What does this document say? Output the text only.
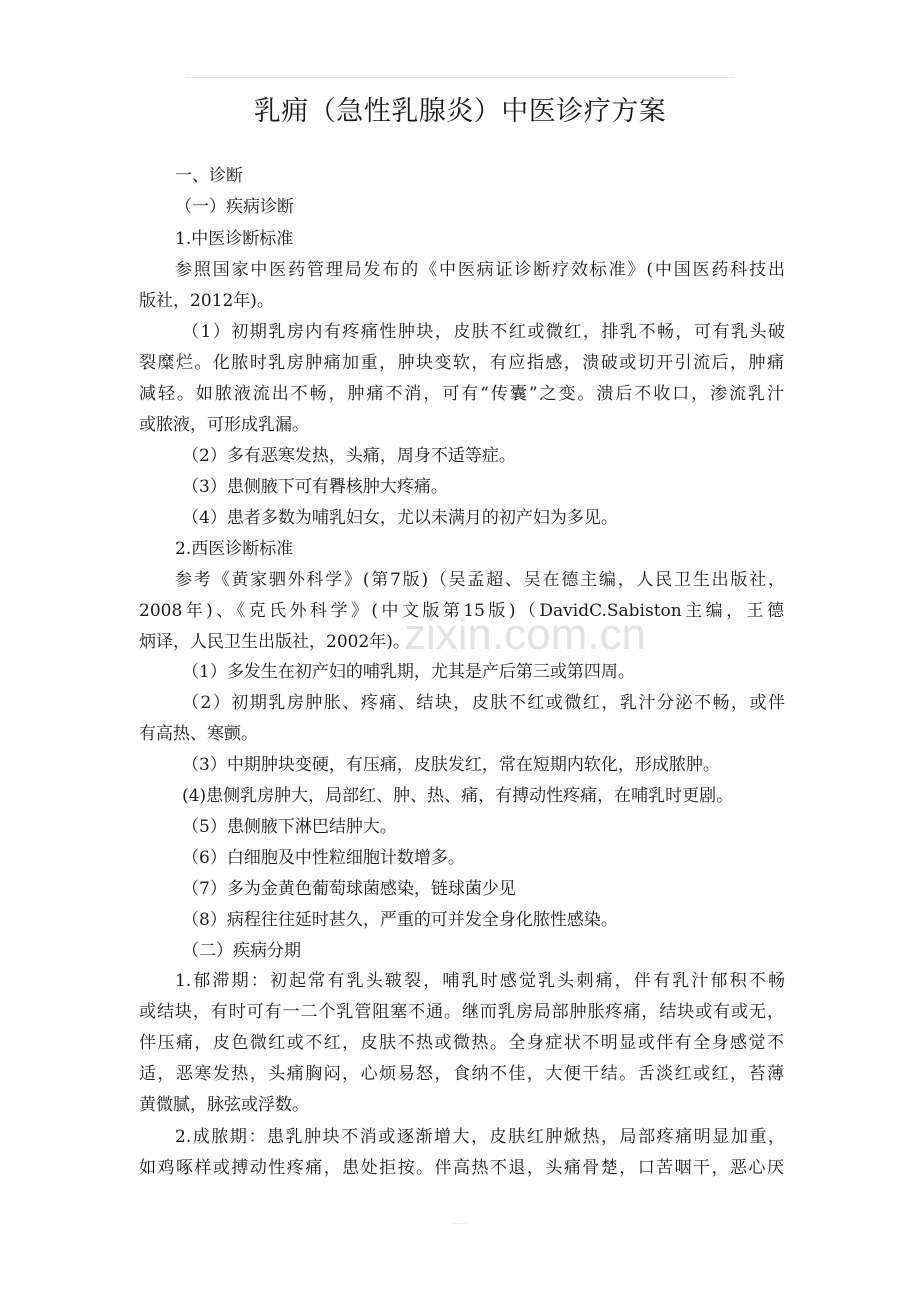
乳痈（急性乳腺炎）中医诊疗方案
一、诊断
（一）疾病诊断
1.中医诊断标准
参照国家中医药管理局发布的《中医病证诊断疗效标准》(中国医药科技出
版社，2012年)。
（1）初期乳房内有疼痛性肿块，皮肤不红或微红，排乳不畅，可有乳头破
裂糜烂。化脓时乳房肿痛加重，肿块变软，有应指感，溃破或切开引流后，肿痛
减轻。如脓液流出不畅，肿痛不消，可有“传囊”之变。溃后不收口，渗流乳汁
或脓液，可形成乳漏。
（2）多有恶寒发热，头痛，周身不适等症。
（3）患侧腋下可有臖核肿大疼痛。
（4）患者多数为哺乳妇女，尤以未满月的初产妇为多见。
2.西医诊断标准
参考《黄家驷外科学》(第7版)（吴孟超、吴在德主编，人民卫生出版社，
2008年)、《克氏外科学》(中文版第15版)（DavidC.Sabiston主编，王德
炳译，人民卫生出版社，2002年)。
（1）多发生在初产妇的哺乳期，尤其是产后第三或第四周。
（2）初期乳房肿胀、疼痛、结块，皮肤不红或微红，乳汁分泌不畅，或伴
有高热、寒颤。
（3）中期肿块变硬，有压痛，皮肤发红，常在短期内软化，形成脓肿。
(4)患侧乳房肿大，局部红、肿、热、痛，有搏动性疼痛，在哺乳时更剧。
（5）患侧腋下淋巴结肿大。
（6）白细胞及中性粒细胞计数增多。
（7）多为金黄色葡萄球菌感染，链球菌少见
（8）病程往往延时甚久，严重的可并发全身化脓性感染。
（二）疾病分期
1.郁滞期：初起常有乳头皲裂，哺乳时感觉乳头刺痛，伴有乳汁郁积不畅
或结块，有时可有一二个乳管阻塞不通。继而乳房局部肿胀疼痛，结块或有或无，
伴压痛，皮色微红或不红，皮肤不热或微热。全身症状不明显或伴有全身感觉不
适，恶寒发热，头痛胸闷，心烦易怒，食纳不佳，大便干结。舌淡红或红，苔薄
黄微腻，脉弦或浮数。
2.成脓期：患乳肿块不消或逐渐增大，皮肤红肿焮热，局部疼痛明显加重，
如鸡啄样或搏动性疼痛，患处拒按。伴高热不退，头痛骨楚，口苦咽干，恶心厌
zixin.com.cn
......
